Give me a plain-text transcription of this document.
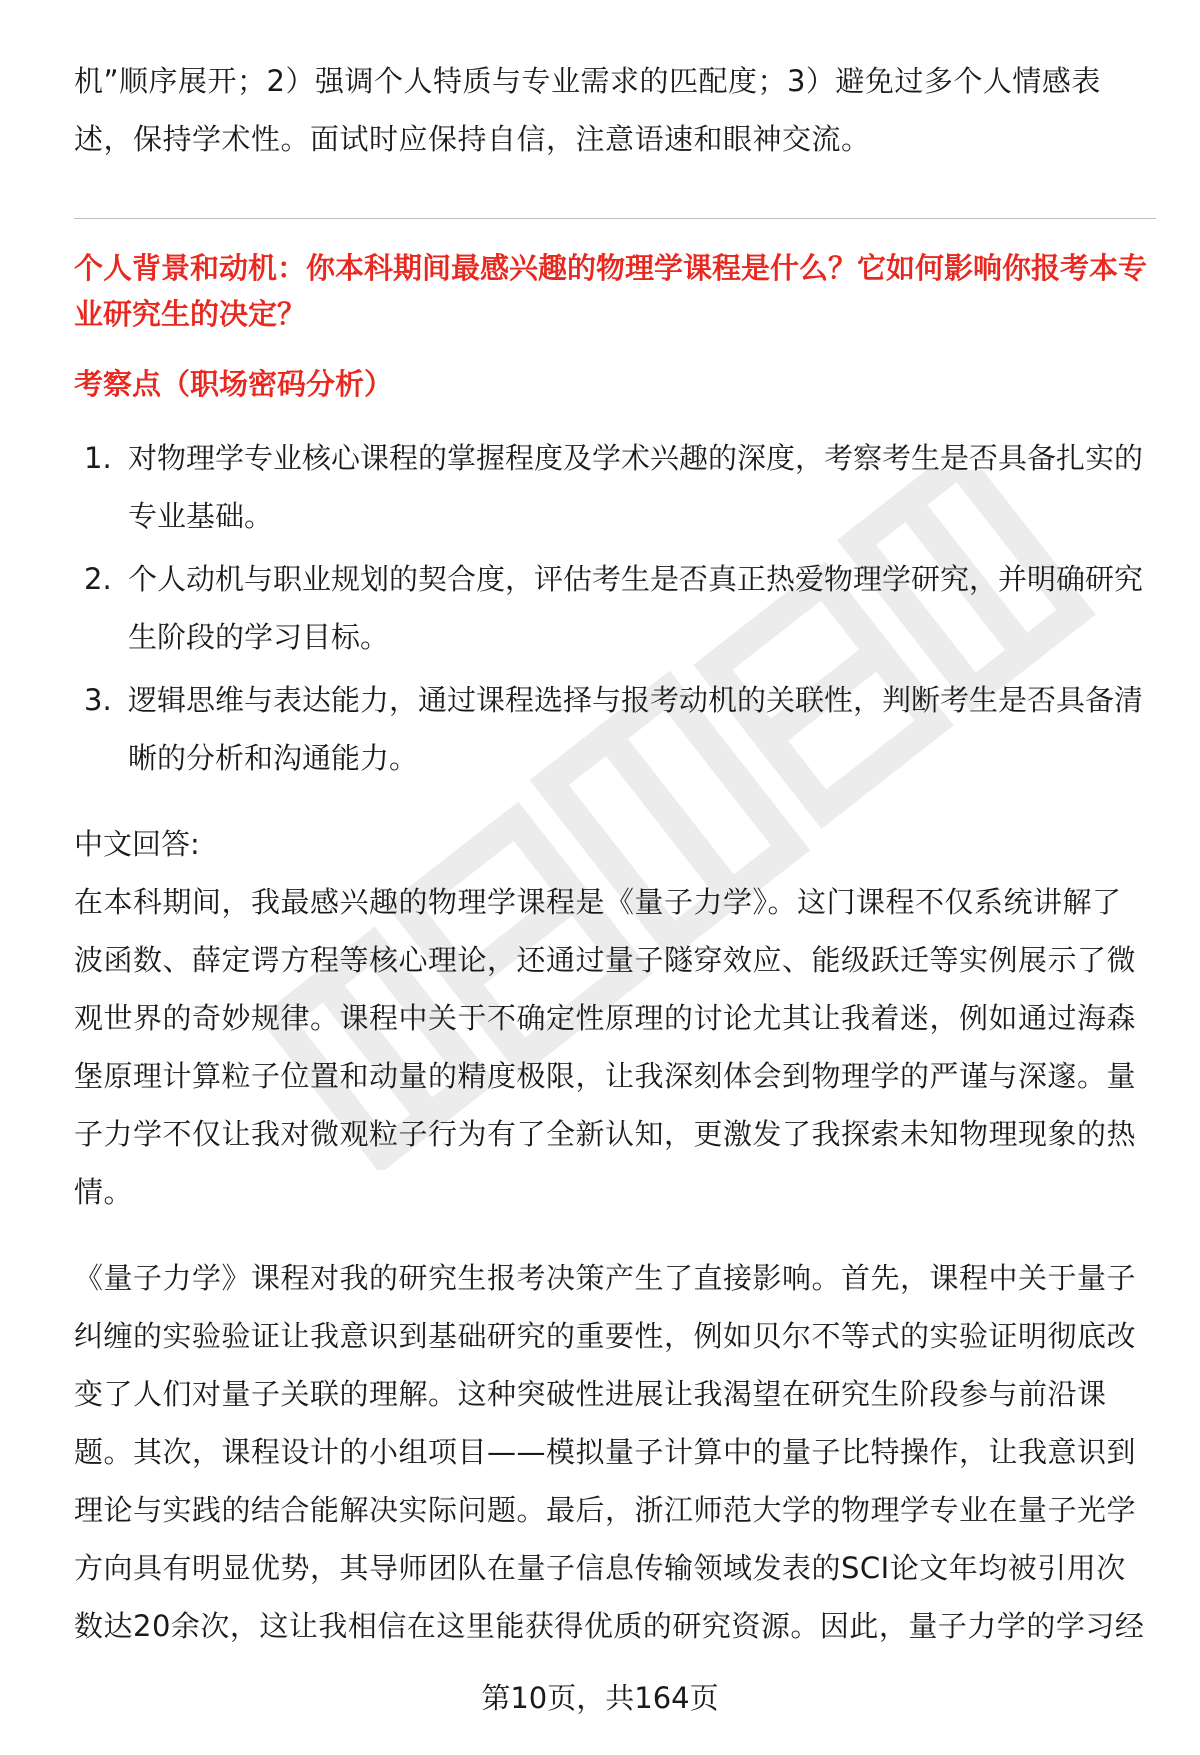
机”顺序展开；2）强调个人特质与专业需求的匹配度；3）避免过多个人情感表述，保持学术性。面试时应保持自信，注意语速和眼神交流。

个人背景和动机：你本科期间最感兴趣的物理学课程是什么？它如何影响你报考本专业研究生的决定？

考察点（职场密码分析）

1. 对物理学专业核心课程的掌握程度及学术兴趣的深度，考察考生是否具备扎实的专业基础。
2. 个人动机与职业规划的契合度，评估考生是否真正热爱物理学研究，并明确研究生阶段的学习目标。
3. 逻辑思维与表达能力，通过课程选择与报考动机的关联性，判断考生是否具备清晰的分析和沟通能力。

中文回答:

在本科期间，我最感兴趣的物理学课程是《量子力学》。这门课程不仅系统讲解了波函数、薛定谔方程等核心理论，还通过量子隧穿效应、能级跃迁等实例展示了微观世界的奇妙规律。课程中关于不确定性原理的讨论尤其让我着迷，例如通过海森堡原理计算粒子位置和动量的精度极限，让我深刻体会到物理学的严谨与深邃。量子力学不仅让我对微观粒子行为有了全新认知，更激发了我探索未知物理现象的热情。

《量子力学》课程对我的研究生报考决策产生了直接影响。首先，课程中关于量子纠缠的实验验证让我意识到基础研究的重要性，例如贝尔不等式的实验证明彻底改变了人们对量子关联的理解。这种突破性进展让我渴望在研究生阶段参与前沿课题。其次，课程设计的小组项目——模拟量子计算中的量子比特操作，让我意识到理论与实践的结合能解决实际问题。最后，浙江师范大学的物理学专业在量子光学方向具有明显优势，其导师团队在量子信息传输领域发表的SCI论文年均被引用次数达20余次，这让我相信在这里能获得优质的研究资源。因此，量子力学的学习经

第10页，共164页
